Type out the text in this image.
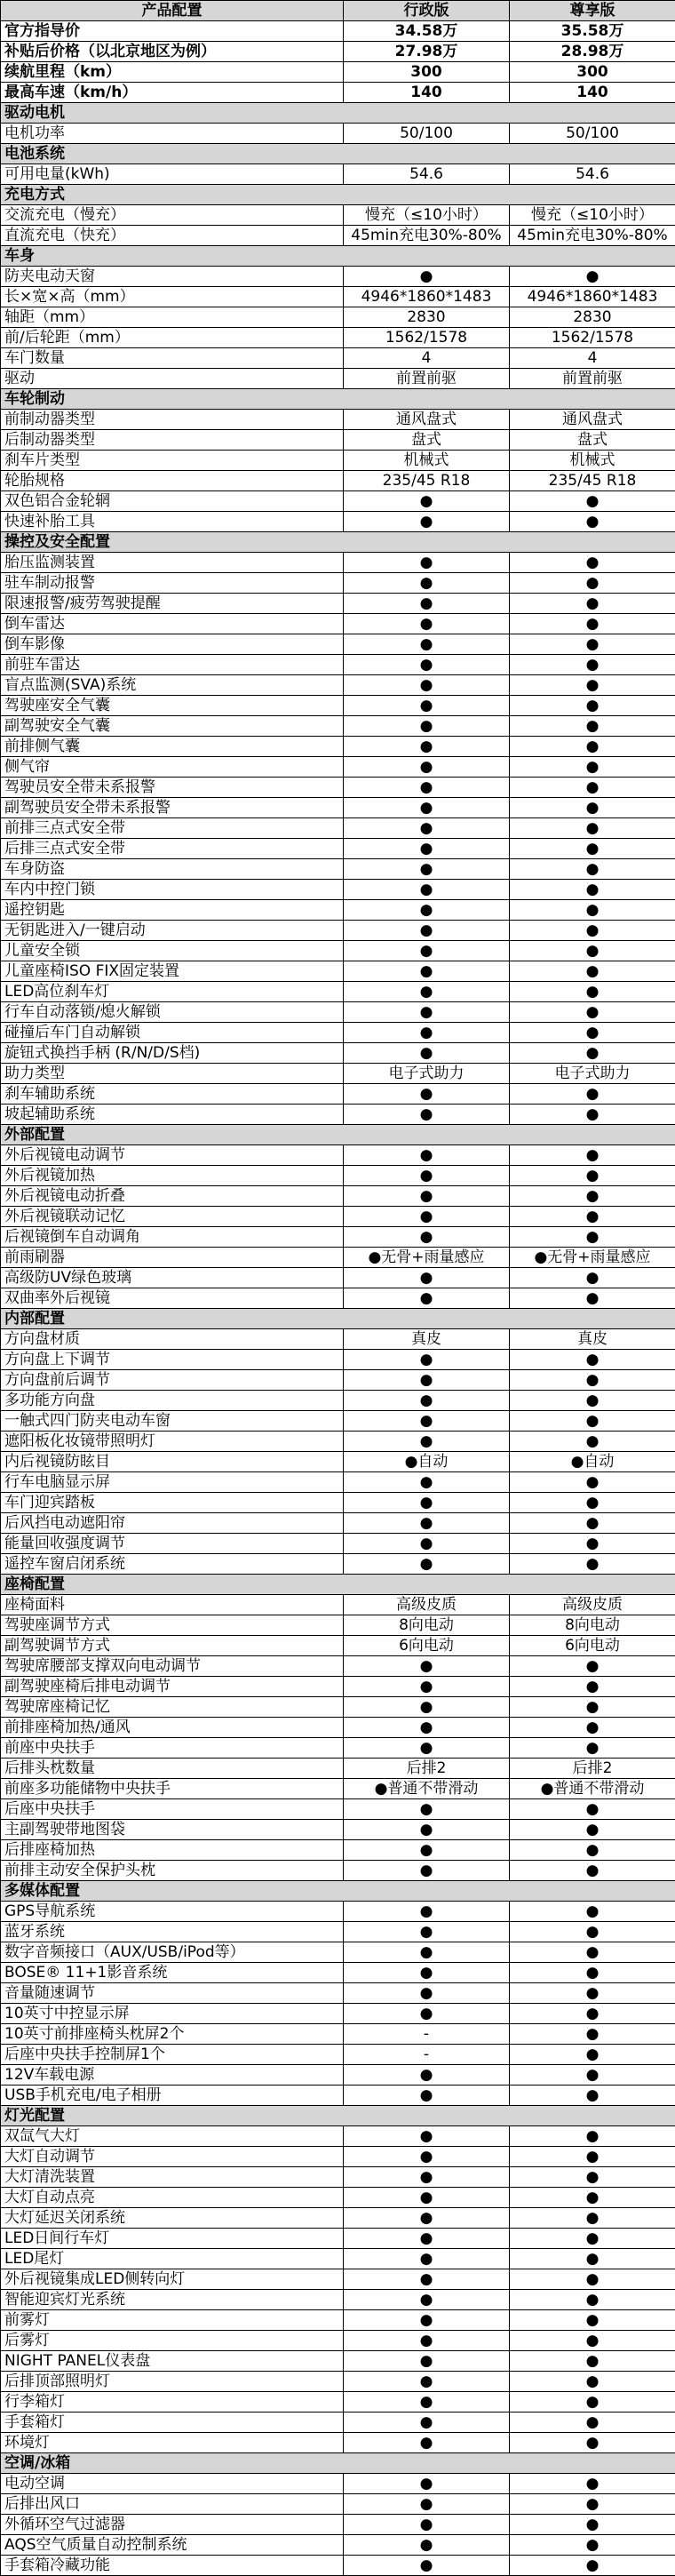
产品配置	行政版	尊享版
官方指导价	34.58万	35.58万
补贴后价格（以北京地区为例）	27.98万	28.98万
续航里程（km）	300	300
最高车速（km/h）	140	140
驱动电机		
电机功率	50/100	50/100
电池系统		
可用电量(kWh)	54.6	54.6
充电方式		
交流充电（慢充）	慢充（≤10小时）	慢充（≤10小时）
直流充电（快充）	45min充电30%-80%	45min充电30%-80%
车身		
防夹电动天窗	●	●
长×宽×高（mm）	4946*1860*1483	4946*1860*1483
轴距（mm）	2830	2830
前/后轮距（mm）	1562/1578	1562/1578
车门数量	4	4
驱动	前置前驱	前置前驱
车轮制动		
前制动器类型	通风盘式	通风盘式
后制动器类型	盘式	盘式
刹车片类型	机械式	机械式
轮胎规格	235/45 R18	235/45 R18
双色铝合金轮辋	●	●
快速补胎工具	●	●
操控及安全配置		
胎压监测装置	●	●
驻车制动报警	●	●
限速报警/疲劳驾驶提醒	●	●
倒车雷达	●	●
倒车影像	●	●
前驻车雷达	●	●
盲点监测(SVA)系统	●	●
驾驶座安全气囊	●	●
副驾驶安全气囊	●	●
前排侧气囊	●	●
侧气帘	●	●
驾驶员安全带未系报警	●	●
副驾驶员安全带未系报警	●	●
前排三点式安全带	●	●
后排三点式安全带	●	●
车身防盗	●	●
车内中控门锁	●	●
遥控钥匙	●	●
无钥匙进入/一键启动	●	●
儿童安全锁	●	●
儿童座椅ISO FIX固定装置	●	●
LED高位刹车灯	●	●
行车自动落锁/熄火解锁	●	●
碰撞后车门自动解锁	●	●
旋钮式换挡手柄 (R/N/D/S档)	●	●
助力类型	电子式助力	电子式助力
刹车辅助系统	●	●
坡起辅助系统	●	●
外部配置		
外后视镜电动调节	●	●
外后视镜加热	●	●
外后视镜电动折叠	●	●
外后视镜联动记忆	●	●
后视镜倒车自动调角	●	●
前雨刷器	●无骨+雨量感应	●无骨+雨量感应
高级防UV绿色玻璃	●	●
双曲率外后视镜	●	●
内部配置		
方向盘材质	真皮	真皮
方向盘上下调节	●	●
方向盘前后调节	●	●
多功能方向盘	●	●
一触式四门防夹电动车窗	●	●
遮阳板化妆镜带照明灯	●	●
内后视镜防眩目	●自动	●自动
行车电脑显示屏	●	●
车门迎宾踏板	●	●
后风挡电动遮阳帘	●	●
能量回收强度调节	●	●
遥控车窗启闭系统	●	●
座椅配置		
座椅面料	高级皮质	高级皮质
驾驶座调节方式	8向电动	8向电动
副驾驶调节方式	6向电动	6向电动
驾驶席腰部支撑双向电动调节	●	●
副驾驶座椅后排电动调节	●	●
驾驶席座椅记忆	●	●
前排座椅加热/通风	●	●
前座中央扶手	●	●
后排头枕数量	后排2	后排2
前座多功能储物中央扶手	●普通不带滑动	●普通不带滑动
后座中央扶手	●	●
主副驾驶带地图袋	●	●
后排座椅加热	●	●
前排主动安全保护头枕	●	●
多媒体配置		
GPS导航系统	●	●
蓝牙系统	●	●
数字音频接口（AUX/USB/iPod等）	●	●
BOSE® 11+1影音系统	●	●
音量随速调节	●	●
10英寸中控显示屏	●	●
10英寸前排座椅头枕屏2个	-	●
后座中央扶手控制屏1个	-	●
12V车载电源	●	●
USB手机充电/电子相册	●	●
灯光配置		
双氙气大灯	●	●
大灯自动调节	●	●
大灯清洗装置	●	●
大灯自动点亮	●	●
大灯延迟关闭系统	●	●
LED日间行车灯	●	●
LED尾灯	●	●
外后视镜集成LED侧转向灯	●	●
智能迎宾灯光系统	●	●
前雾灯	●	●
后雾灯	●	●
NIGHT PANEL仪表盘	●	●
后排顶部照明灯	●	●
行李箱灯	●	●
手套箱灯	●	●
环境灯	●	●
空调/冰箱		
电动空调	●	●
后排出风口	●	●
外循环空气过滤器	●	●
AQS空气质量自动控制系统	●	●
手套箱冷藏功能	●	●
